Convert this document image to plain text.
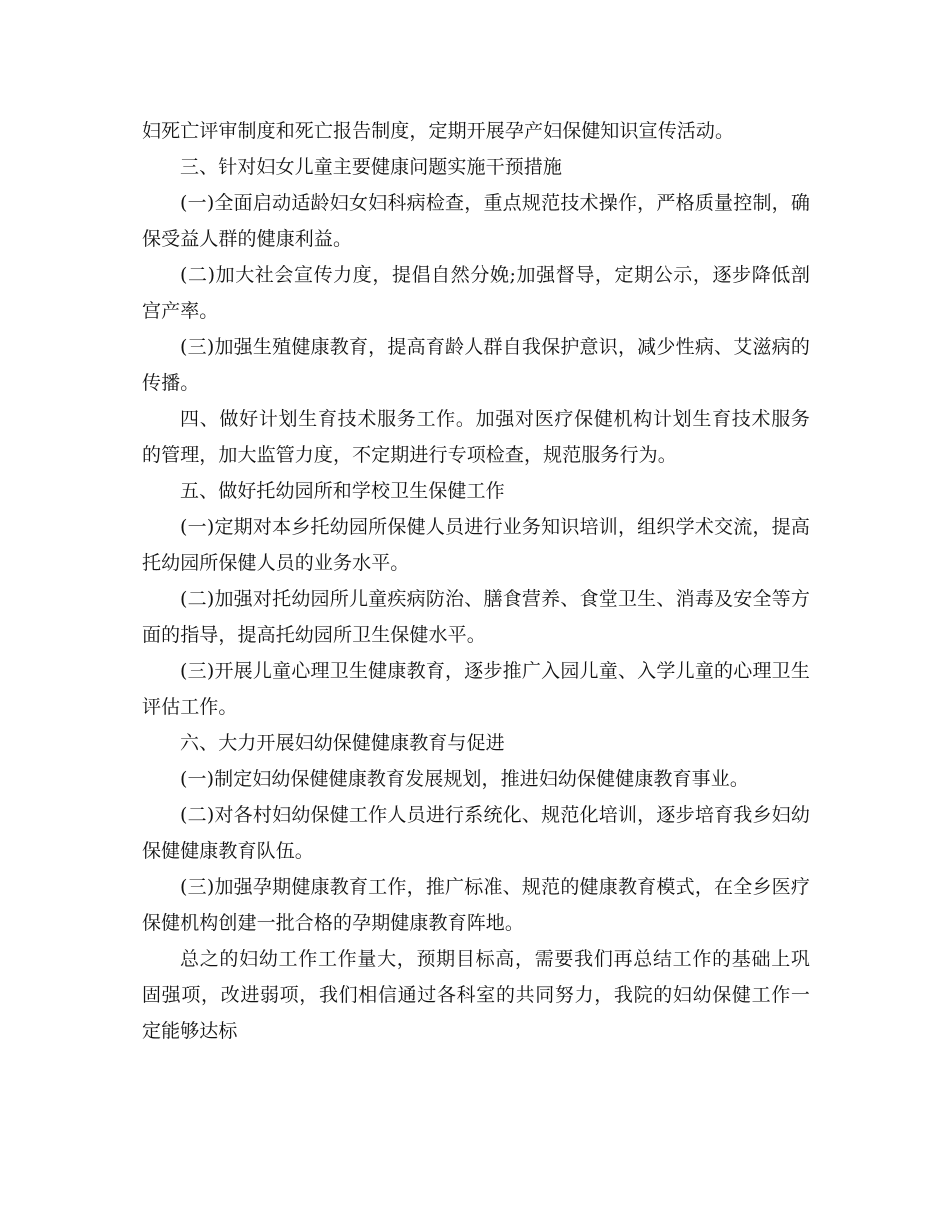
妇死亡评审制度和死亡报告制度，定期开展孕产妇保健知识宣传活动。

三、针对妇女儿童主要健康问题实施干预措施

(一)全面启动适龄妇女妇科病检查，重点规范技术操作，严格质量控制，确保受益人群的健康利益。

(二)加大社会宣传力度，提倡自然分娩;加强督导，定期公示，逐步降低剖宫产率。

(三)加强生殖健康教育，提高育龄人群自我保护意识，减少性病、艾滋病的传播。

四、做好计划生育技术服务工作。加强对医疗保健机构计划生育技术服务的管理，加大监管力度，不定期进行专项检查，规范服务行为。

五、做好托幼园所和学校卫生保健工作

(一)定期对本乡托幼园所保健人员进行业务知识培训，组织学术交流，提高托幼园所保健人员的业务水平。

(二)加强对托幼园所儿童疾病防治、膳食营养、食堂卫生、消毒及安全等方面的指导，提高托幼园所卫生保健水平。

(三)开展儿童心理卫生健康教育，逐步推广入园儿童、入学儿童的心理卫生评估工作。

六、大力开展妇幼保健健康教育与促进

(一)制定妇幼保健健康教育发展规划，推进妇幼保健健康教育事业。

(二)对各村妇幼保健工作人员进行系统化、规范化培训，逐步培育我乡妇幼保健健康教育队伍。

(三)加强孕期健康教育工作，推广标准、规范的健康教育模式，在全乡医疗保健机构创建一批合格的孕期健康教育阵地。

总之的妇幼工作工作量大，预期目标高，需要我们再总结工作的基础上巩固强项，改进弱项，我们相信通过各科室的共同努力，我院的妇幼保健工作一定能够达标
